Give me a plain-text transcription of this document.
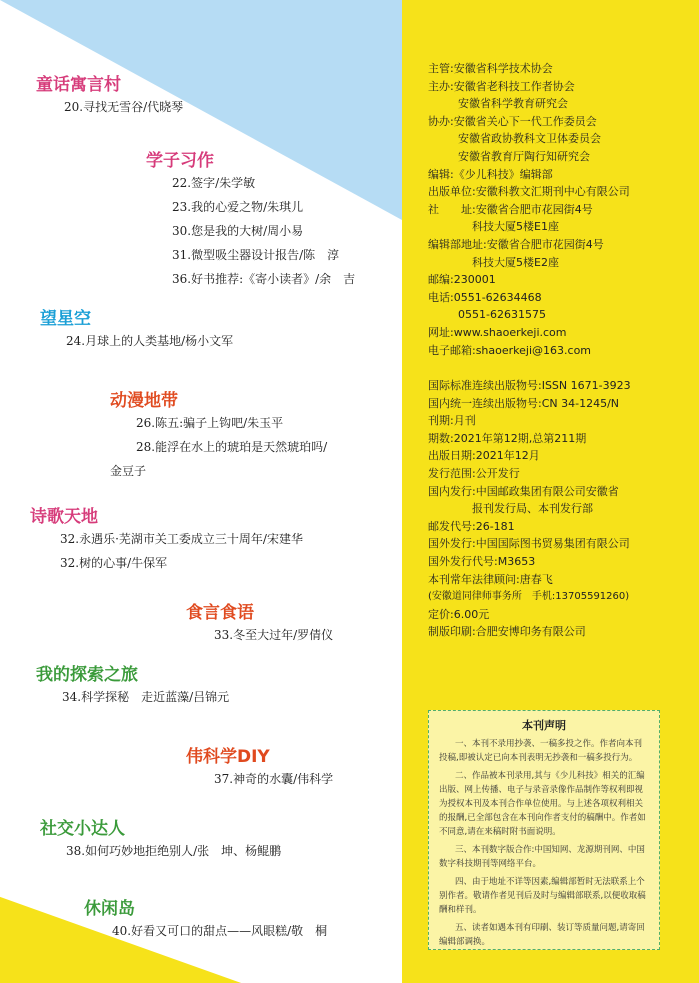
童话寓言村
20.寻找无雪谷/代晓琴
学子习作
22.签字/朱学敏
23.我的心爱之物/朱琪儿
30.您是我的大树/周小易
31.微型吸尘器设计报告/陈　淳
36.好书推荐:《寄小读者》/余　吉
望星空
24.月球上的人类基地/杨小文军
动漫地带
26.陈五:骗子上钩吧/朱玉平
28.能浮在水上的琥珀是天然琥珀吗/
金豆子
诗歌天地
32.永遇乐·芜湖市关工委成立三十周年/宋建华
32.树的心事/牛保军
食言食语
33.冬至大过年/罗倩仪
我的探索之旅
34.科学探秘　走近蓝藻/吕锦元
伟科学DIY
37.神奇的水囊/伟科学
社交小达人
38.如何巧妙地拒绝别人/张　坤、杨鲲鹏
休闲岛
40.好看又可口的甜点——风眼糕/敬　桐
主管:安徽省科学技术协会
主办:安徽省老科技工作者协会
安徽省科学教育研究会
协办:安徽省关心下一代工作委员会
安徽省政协教科文卫体委员会
安徽省教育厅陶行知研究会
编辑:《少儿科技》编辑部
出版单位:安徽科教文汇期刊中心有限公司
社　　址:安徽省合肥市花园街4号
科技大厦5楼E1座
编辑部地址:安徽省合肥市花园街4号
科技大厦5楼E2座
邮编:230001
电话:0551-62634468
0551-62631575
网址:www.shaoerkeji.com
电子邮箱:shaoerkeji@163.com
国际标准连续出版物号:ISSN 1671-3923
国内统一连续出版物号:CN 34-1245/N
刊期:月刊
期数:2021年第12期,总第211期
出版日期:2021年12月
发行范围:公开发行
国内发行:中国邮政集团有限公司安徽省
报刊发行局、本刊发行部
邮发代号:26-181
国外发行:中国国际图书贸易集团有限公司
国外发行代号:M3653
本刊常年法律顾问:唐春飞
(安徽道同律师事务所　手机:13705591260)
定价:6.00元
制版印刷:合肥安博印务有限公司
本刊声明

一、本刊不录用抄袭、一稿多投之作。作者向本刊投稿,即被认定已向本刊表明无抄袭和一稿多投行为。

二、作品被本刊录用,其与《少儿科技》相关的汇编出版、网上传播、电子与录音录像作品制作等权利即视为授权本刊及本刊合作单位使用。与上述各项权利相关的报酬,已全部包含在本刊向作者支付的稿酬中。作者如不同意,请在来稿时附书面说明。

三、本刊数字版合作:中国知网、龙源期刊网、中国数字科技期刊等网络平台。

四、由于地址不详等因素,编辑部暂时无法联系上个别作者。敬请作者见刊后及时与编辑部联系,以便收取稿酬和样刊。

五、读者如遇本刊有印刷、装订等质量问题,请寄回编辑部调换。
